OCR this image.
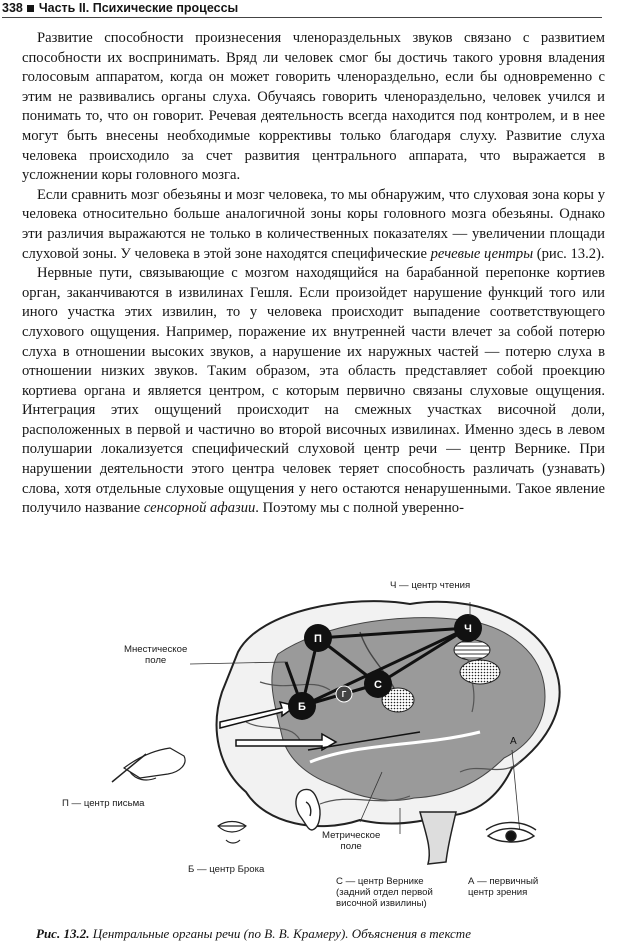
338 Часть II. Психические процессы

Развитие способности произнесения членораздельных звуков связано с развитием способности их воспринимать. Вряд ли человек смог бы достичь такого уровня владения голосовым аппаратом, когда он может говорить членораздельно, если бы одновременно с этим не развивались органы слуха. Обучаясь говорить членораздельно, человек учился и понимать то, что он говорит. Речевая деятельность всегда находится под контролем, и в нее могут быть внесены необходимые коррективы только благодаря слуху. Развитие слуха человека происходило за счет развития центрального аппарата, что выражается в усложнении коры головного мозга.

Если сравнить мозг обезьяны и мозг человека, то мы обнаружим, что слуховая зона коры у человека относительно больше аналогичной зоны коры головного мозга обезьяны. Однако эти различия выражаются не только в количественных показателях — увеличении площади слуховой зоны. У человека в этой зоне находятся специфические речевые центры (рис. 13.2).

Нервные пути, связывающие с мозгом находящийся на барабанной перепонке кортиев орган, заканчиваются в извилинах Гешля. Если произойдет нарушение функций того или иного участка этих извилин, то у человека происходит выпадение соответствующего слухового ощущения. Например, поражение их внутренней части влечет за собой потерю слуха в отношении высоких звуков, а нарушение их наружных частей — потерю слуха в отношении низких звуков. Таким образом, эта область представляет собой проекцию кортиева органа и является центром, с которым первично связаны слуховые ощущения. Интеграция этих ощущений происходит на смежных участках височной доли, расположенных в первой и частично во второй височных извилинах. Именно здесь в левом полушарии локализуется специфический слуховой центр речи — центр Вернике. При нарушении деятельности этого центра человек теряет способность различать (узнавать) слова, хотя отдельные слуховые ощущения у него остаются ненарушенными. Такое явление получило название сенсорной афазии. Поэтому мы с полной уверенно-

П
Ч
С
Б
Г
А
Ч — центр чтения
Мнестическое
поле
П — центр письма
Метрическое
поле
Б — центр Брока
С — центр Вернике
(задний отдел первой
височной извилины)
А — первичный
центр зрения
Рис. 13.2. Центральные органы речи (по В. В. Крамеру). Объяснения в тексте
